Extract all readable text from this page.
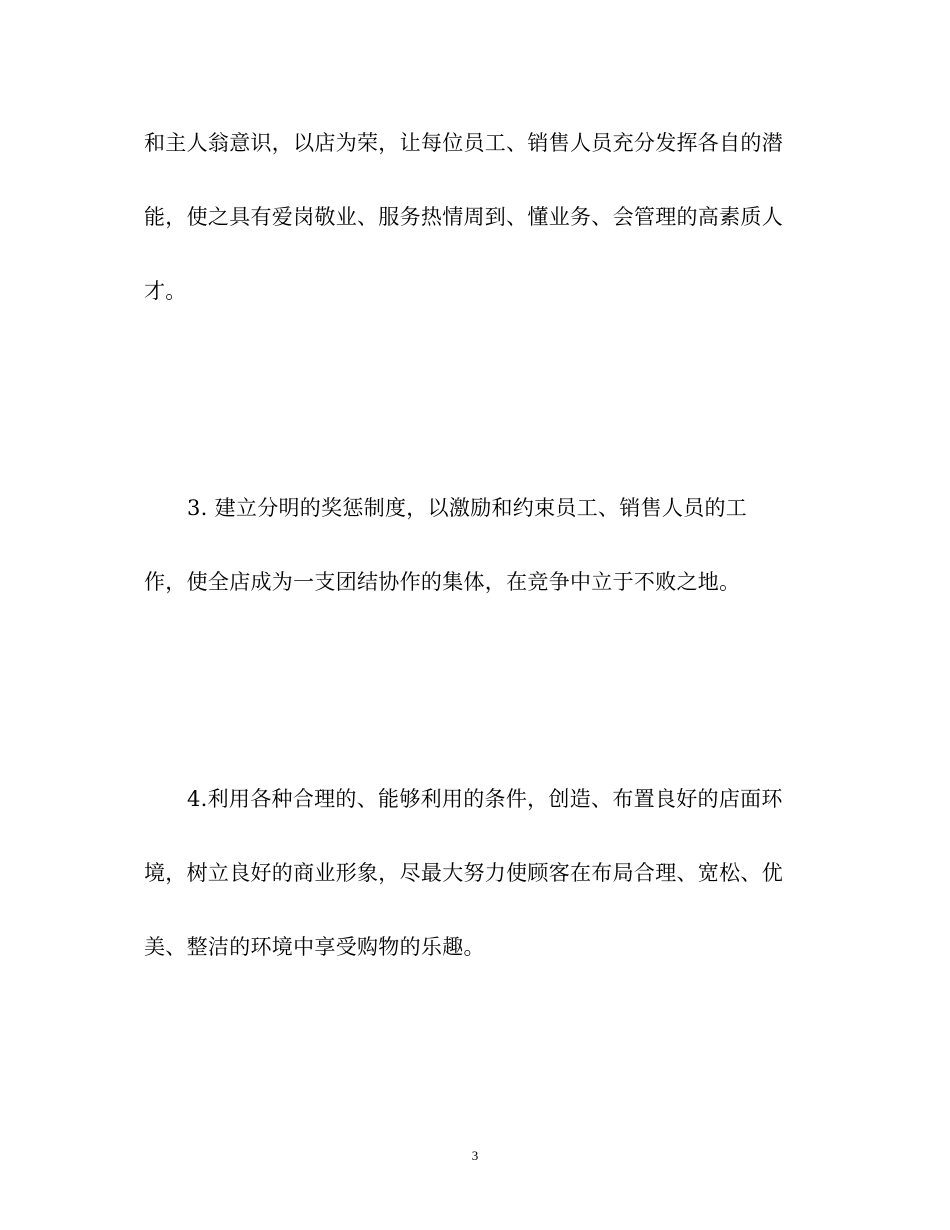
和主人翁意识，以店为荣，让每位员工、销售人员充分发挥各自的潜
能，使之具有爱岗敬业、服务热情周到、懂业务、会管理的高素质人
才。
3. 建立分明的奖惩制度，以激励和约束员工、销售人员的工
作，使全店成为一支团结协作的集体，在竞争中立于不败之地。
4.利用各种合理的、能够利用的条件，创造、布置良好的店面环
境，树立良好的商业形象，尽最大努力使顾客在布局合理、宽松、优
美、整洁的环境中享受购物的乐趣。
3
